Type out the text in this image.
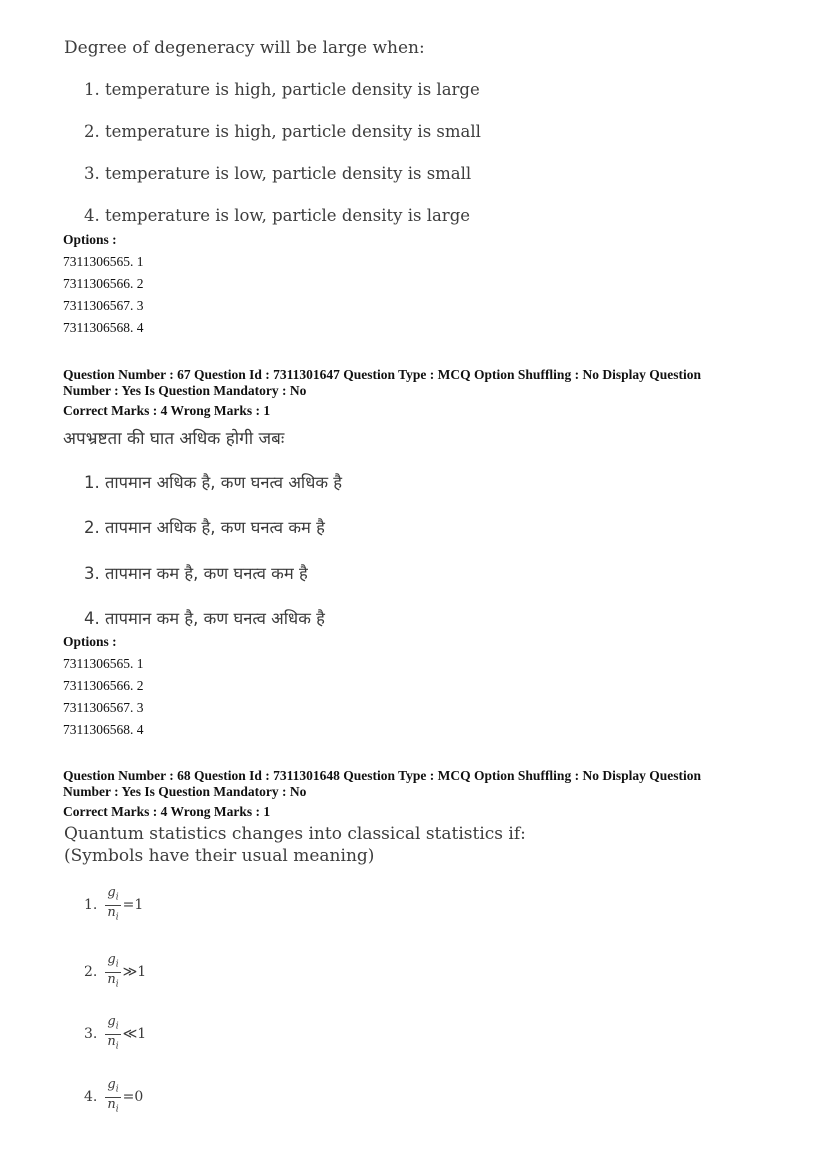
Degree of degeneracy will be large when:
1. temperature is high, particle density is large
2. temperature is high, particle density is small
3. temperature is low, particle density is small
4. temperature is low, particle density is large
Options :
7311306565. 1
7311306566. 2
7311306567. 3
7311306568. 4
Question Number : 67 Question Id : 7311301647 Question Type : MCQ Option Shuffling : No Display Question
Number : Yes Is Question Mandatory : No
Correct Marks : 4 Wrong Marks : 1
अपभ्रष्टता की घात अधिक होगी जबः
1. तापमान अधिक है, कण घनत्व अधिक है
2. तापमान अधिक है, कण घनत्व कम है
3. तापमान कम है, कण घनत्व कम है
4. तापमान कम है, कण घनत्व अधिक है
Options :
7311306565. 1
7311306566. 2
7311306567. 3
7311306568. 4
Question Number : 68 Question Id : 7311301648 Question Type : MCQ Option Shuffling : No Display Question
Number : Yes Is Question Mandatory : No
Correct Marks : 4 Wrong Marks : 1
Quantum statistics changes into classical statistics if:
(Symbols have their usual meaning)
1. $\frac{g_i}{n_i} =1$
2. $\frac{g_i}{n_i}$ ≫1
3. $\frac{g_i}{n_i}$ ≪1
4. $\frac{g_i}{n_i} =0$
